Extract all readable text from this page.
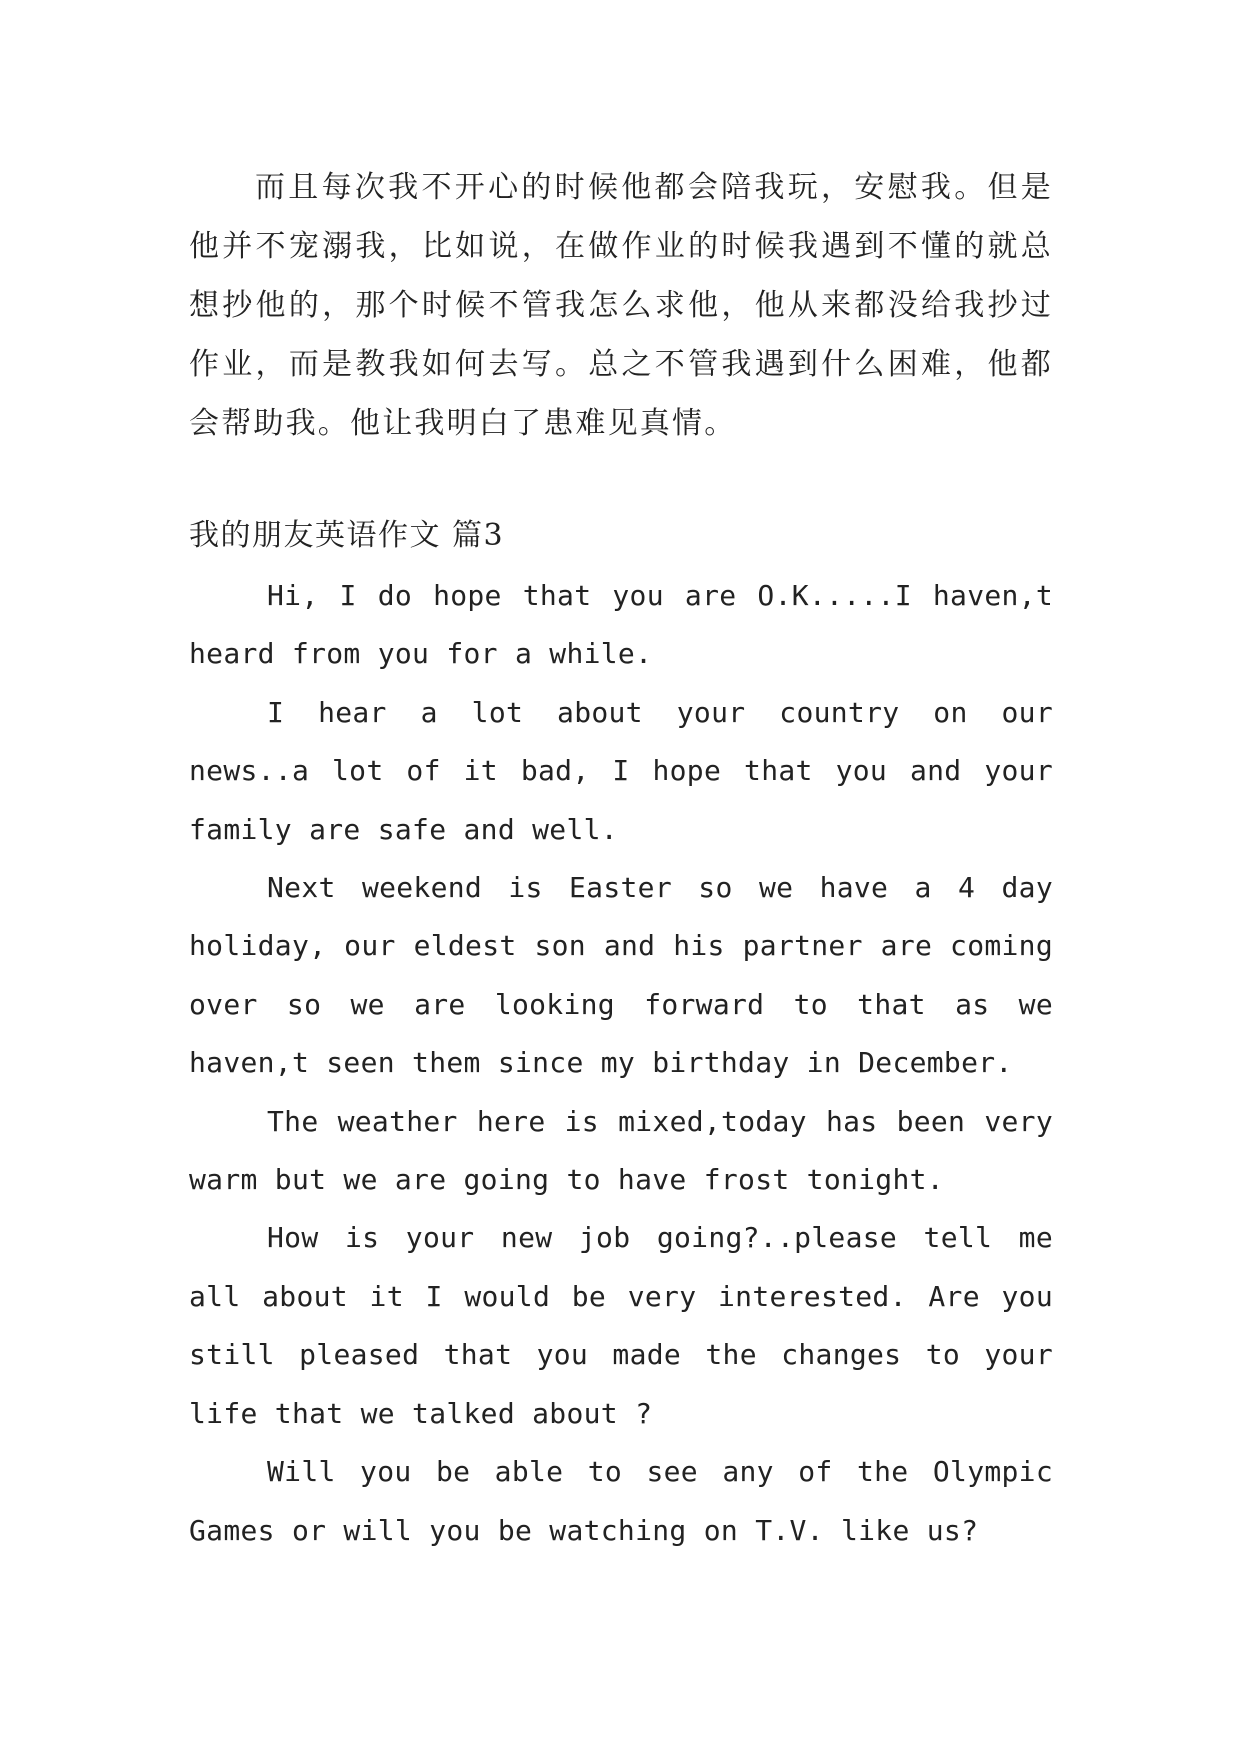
而且每次我不开心的时候他都会陪我玩，安慰我。但是他并不宠溺我，比如说，在做作业的时候我遇到不懂的就总想抄他的，那个时候不管我怎么求他，他从来都没给我抄过作业，而是教我如何去写。总之不管我遇到什么困难，他都会帮助我。他让我明白了患难见真情。

我的朋友英语作文 篇3

Hi, I do hope that you are O.K.....I haven,t heard from you for a while.

I hear a lot about your country on our news..a lot of it bad, I hope that you and your family are safe and well.

Next weekend is Easter so we have a 4 day holiday, our eldest son and his partner are coming over so we are looking forward to that as we haven,t seen them since my birthday in December.

The weather here is mixed,today has been very warm but we are going to have frost tonight.

How is your new job going?..please tell me all about it I would be very interested. Are you still pleased that you made the changes to your life that we talked about ?

Will you be able to see any of the Olympic Games or will you be watching on T.V. like us?
